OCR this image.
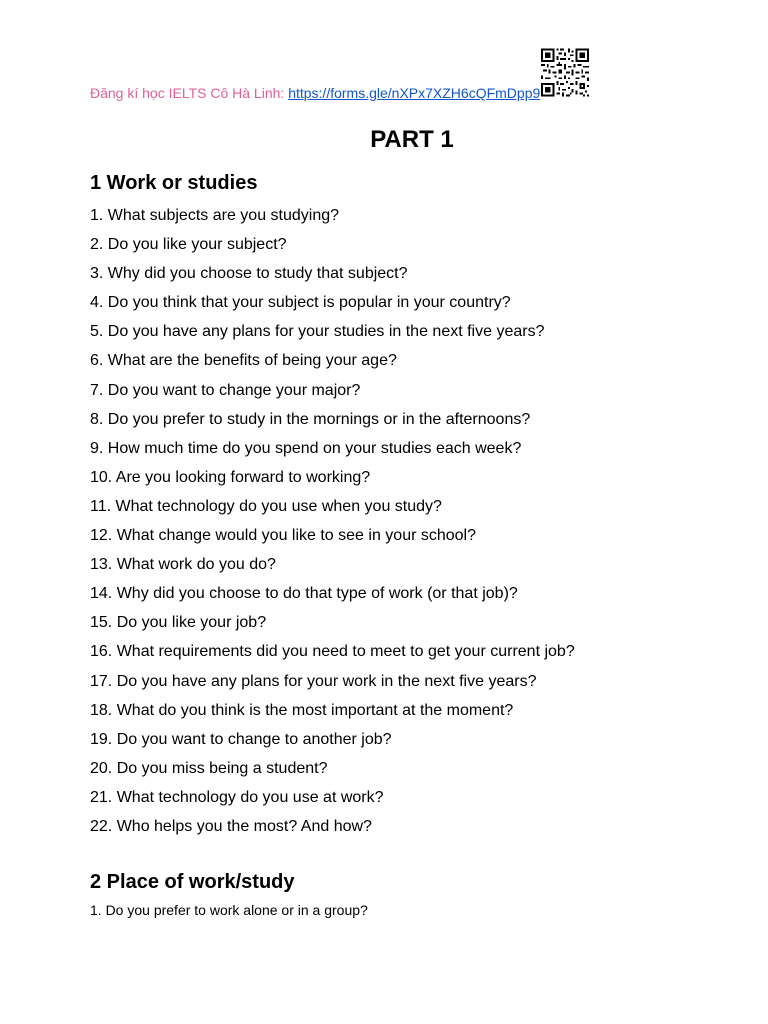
Đăng kí học IELTS Cô Hà Linh: https://forms.gle/nXPx7XZH6cQFmDpp9
PART 1
1 Work or studies
1. What subjects are you studying?
2. Do you like your subject?
3. Why did you choose to study that subject?
4. Do you think that your subject is popular in your country?
5. Do you have any plans for your studies in the next five years?
6. What are the benefits of being your age?
7. Do you want to change your major?
8. Do you prefer to study in the mornings or in the afternoons?
9. How much time do you spend on your studies each week?
10. Are you looking forward to working?
11. What technology do you use when you study?
12. What change would you like to see in your school?
13. What work do you do?
14. Why did you choose to do that type of work (or that job)?
15. Do you like your job?
16. What requirements did you need to meet to get your current job?
17. Do you have any plans for your work in the next five years?
18. What do you think is the most important at the moment?
19. Do you want to change to another job?
20. Do you miss being a student?
21. What technology do you use at work?
22. Who helps you the most? And how?
2 Place of work/study
1. Do you prefer to work alone or in a group?
